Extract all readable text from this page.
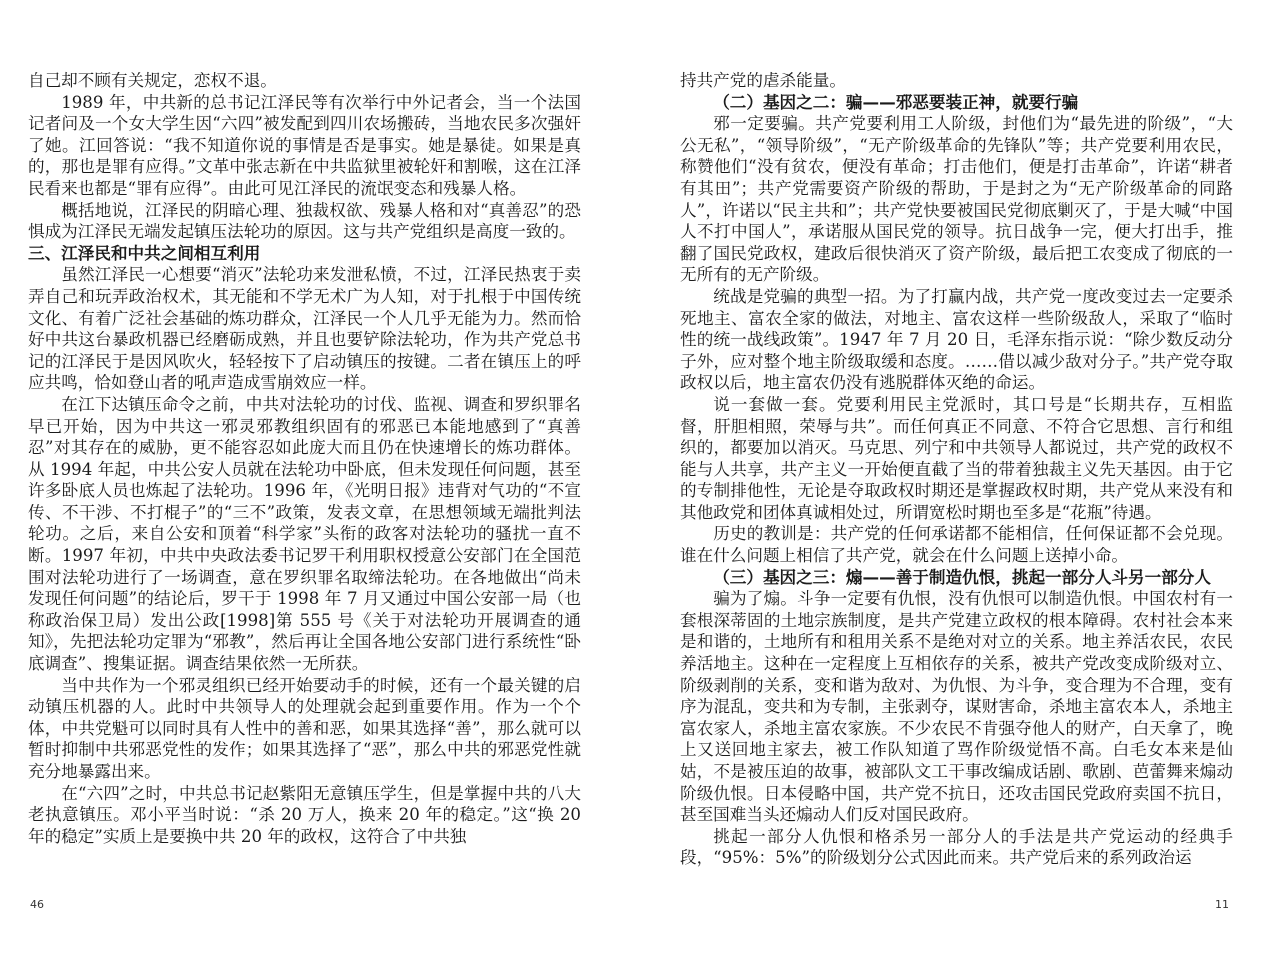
自己却不顾有关规定，恋权不退。

1989 年，中共新的总书记江泽民等有次举行中外记者会，当一个法国记者问及一个女大学生因“六四”被发配到四川农场搬砖，当地农民多次强奸了她。江回答说：“我不知道你说的事情是否是事实。她是暴徒。如果是真的，那也是罪有应得。”文革中张志新在中共监狱里被轮奸和割喉，这在江泽民看来也都是“罪有应得”。由此可见江泽民的流氓变态和残暴人格。

概括地说，江泽民的阴暗心理、独裁权欲、残暴人格和对“真善忍”的恐惧成为江泽民无端发起镇压法轮功的原因。这与共产党组织是高度一致的。

三、江泽民和中共之间相互利用

虽然江泽民一心想要“消灭”法轮功来发泄私愤，不过，江泽民热衷于卖弄自己和玩弄政治权术，其无能和不学无术广为人知，对于扎根于中国传统文化、有着广泛社会基础的炼功群众，江泽民一个人几乎无能为力。然而恰好中共这台暴政机器已经磨砺成熟，并且也要铲除法轮功，作为共产党总书记的江泽民于是因风吹火，轻轻按下了启动镇压的按键。二者在镇压上的呼应共鸣，恰如登山者的吼声造成雪崩效应一样。

在江下达镇压命令之前，中共对法轮功的讨伐、监视、调查和罗织罪名早已开始，因为中共这一邪灵邪教组织固有的邪恶已本能地感到了“真善忍”对其存在的威胁，更不能容忍如此庞大而且仍在快速增长的炼功群体。从 1994 年起，中共公安人员就在法轮功中卧底，但未发现任何问题，甚至许多卧底人员也炼起了法轮功。1996 年，《光明日报》违背对气功的“不宣传、不干涉、不打棍子”的“三不”政策，发表文章，在思想领域无端批判法轮功。之后，来自公安和顶着“科学家”头衔的政客对法轮功的骚扰一直不断。1997 年初，中共中央政法委书记罗干利用职权授意公安部门在全国范围对法轮功进行了一场调查，意在罗织罪名取缔法轮功。在各地做出“尚未发现任何问题”的结论后，罗干于 1998 年 7 月又通过中国公安部一局（也称政治保卫局）发出公政[1998]第 555 号《关于对法轮功开展调查的通知》，先把法轮功定罪为“邪教”，然后再让全国各地公安部门进行系统性“卧底调查”、搜集证据。调查结果依然一无所获。

当中共作为一个邪灵组织已经开始要动手的时候，还有一个最关键的启动镇压机器的人。此时中共领导人的处理就会起到重要作用。作为一个个体，中共党魁可以同时具有人性中的善和恶，如果其选择“善”，那么就可以暂时抑制中共邪恶党性的发作；如果其选择了“恶”，那么中共的邪恶党性就充分地暴露出来。

在“六四”之时，中共总书记赵紫阳无意镇压学生，但是掌握中共的八大老执意镇压。邓小平当时说：“杀 20 万人，换来 20 年的稳定。”这“换 20 年的稳定”实质上是要换中共 20 年的政权，这符合了中共独

46

持共产党的虐杀能量。

（二）基因之二：骗——邪恶要装正神，就要行骗

邪一定要骗。共产党要利用工人阶级，封他们为“最先进的阶级”，“大公无私”，“领导阶级”，“无产阶级革命的先锋队”等；共产党要利用农民，称赞他们“没有贫农，便没有革命；打击他们，便是打击革命”，许诺“耕者有其田”；共产党需要资产阶级的帮助，于是封之为“无产阶级革命的同路人”，许诺以“民主共和”；共产党快要被国民党彻底剿灭了，于是大喊“中国人不打中国人”，承诺服从国民党的领导。抗日战争一完，便大打出手，推翻了国民党政权，建政后很快消灭了资产阶级，最后把工农变成了彻底的一无所有的无产阶级。

统战是党骗的典型一招。为了打赢内战，共产党一度改变过去一定要杀死地主、富农全家的做法，对地主、富农这样一些阶级敌人，采取了“临时性的统一战线政策”。1947 年 7 月 20 日，毛泽东指示说：“除少数反动分子外，应对整个地主阶级取缓和态度。……借以减少敌对分子。”共产党夺取政权以后，地主富农仍没有逃脱群体灭绝的命运。

说一套做一套。党要利用民主党派时，其口号是“长期共存，互相监督，肝胆相照，荣辱与共”。而任何真正不同意、不符合它思想、言行和组织的，都要加以消灭。马克思、列宁和中共领导人都说过，共产党的政权不能与人共享，共产主义一开始便直截了当的带着独裁主义先天基因。由于它的专制排他性，无论是夺取政权时期还是掌握政权时期，共产党从来没有和其他政党和团体真诚相处过，所谓宽松时期也至多是“花瓶”待遇。

历史的教训是：共产党的任何承诺都不能相信，任何保证都不会兑现。谁在什么问题上相信了共产党，就会在什么问题上送掉小命。

（三）基因之三：煽——善于制造仇恨，挑起一部分人斗另一部分人

骗为了煽。斗争一定要有仇恨，没有仇恨可以制造仇恨。中国农村有一套根深蒂固的土地宗族制度，是共产党建立政权的根本障碍。农村社会本来是和谐的，土地所有和租用关系不是绝对对立的关系。地主养活农民，农民养活地主。这种在一定程度上互相依存的关系，被共产党改变成阶级对立、阶级剥削的关系，变和谐为敌对、为仇恨、为斗争，变合理为不合理，变有序为混乱，变共和为专制，主张剥夺，谋财害命，杀地主富农本人，杀地主富农家人，杀地主富农家族。不少农民不肯强夺他人的财产，白天拿了，晚上又送回地主家去，被工作队知道了骂作阶级觉悟不高。白毛女本来是仙姑，不是被压迫的故事，被部队文工干事改编成话剧、歌剧、芭蕾舞来煽动阶级仇恨。日本侵略中国，共产党不抗日，还攻击国民党政府卖国不抗日，甚至国难当头还煽动人们反对国民政府。

挑起一部分人仇恨和格杀另一部分人的手法是共产党运动的经典手段，“95%：5%”的阶级划分公式因此而来。共产党后来的系列政治运

11
